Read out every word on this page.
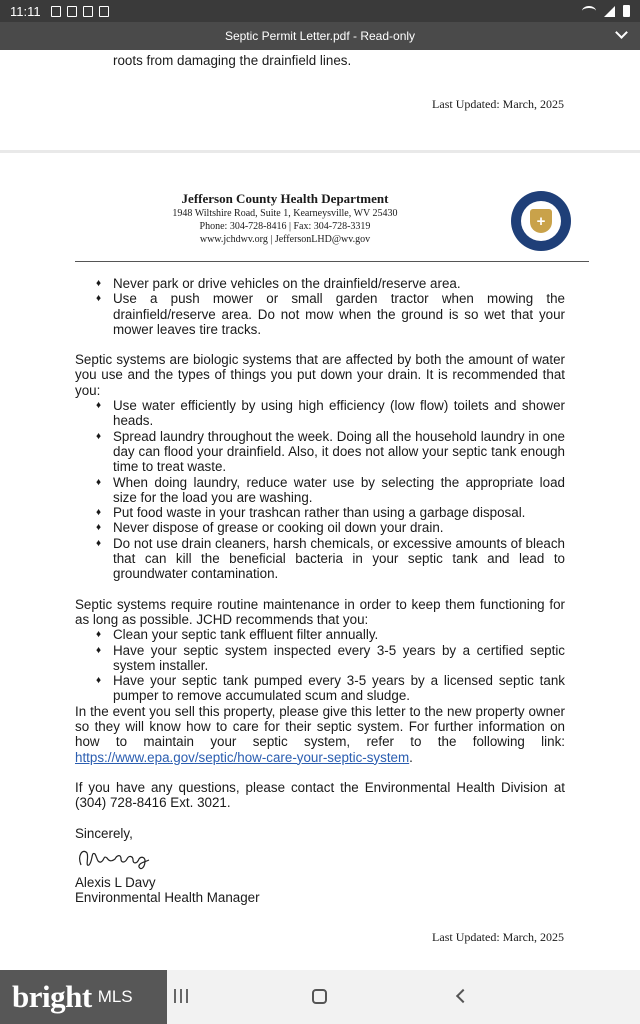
11:11
Septic Permit Letter.pdf - Read-only
roots from damaging the drainfield lines.
Last Updated: March, 2025
Jefferson County Health Department
1948 Wiltshire Road, Suite 1, Kearneysville, WV 25430
Phone: 304-728-8416 | Fax: 304-728-3319
www.jchdwv.org | JeffersonLHD@wv.gov
+
♦ Never park or drive vehicles on the drainfield/reserve area.
♦ Use a push mower or small garden tractor when mowing the drainfield/reserve area. Do not mow when the ground is so wet that your mower leaves tire tracks.

Septic systems are biologic systems that are affected by both the amount of water you use and the types of things you put down your drain. It is recommended that you:

♦ Use water efficiently by using high efficiency (low flow) toilets and shower heads.
♦ Spread laundry throughout the week. Doing all the household laundry in one day can flood your drainfield. Also, it does not allow your septic tank enough time to treat waste.
♦ When doing laundry, reduce water use by selecting the appropriate load size for the load you are washing.
♦ Put food waste in your trashcan rather than using a garbage disposal.
♦ Never dispose of grease or cooking oil down your drain.
♦ Do not use drain cleaners, harsh chemicals, or excessive amounts of bleach that can kill the beneficial bacteria in your septic tank and lead to groundwater contamination.

Septic systems require routine maintenance in order to keep them functioning for as long as possible. JCHD recommends that you:

♦ Clean your septic tank effluent filter annually.
♦ Have your septic system inspected every 3-5 years by a certified septic system installer.
♦ Have your septic tank pumped every 3-5 years by a licensed septic tank pumper to remove accumulated scum and sludge.

In the event you sell this property, please give this letter to the new property owner so they will know how to care for their septic system. For further information on how to maintain your septic system, refer to the following link: https://www.epa.gov/septic/how-care-your-septic-system.

If you have any questions, please contact the Environmental Health Division at (304) 728-8416 Ext. 3021.

Sincerely,

Alexis L Davy

Environmental Health Manager

Last Updated: March, 2025
bright MLS
